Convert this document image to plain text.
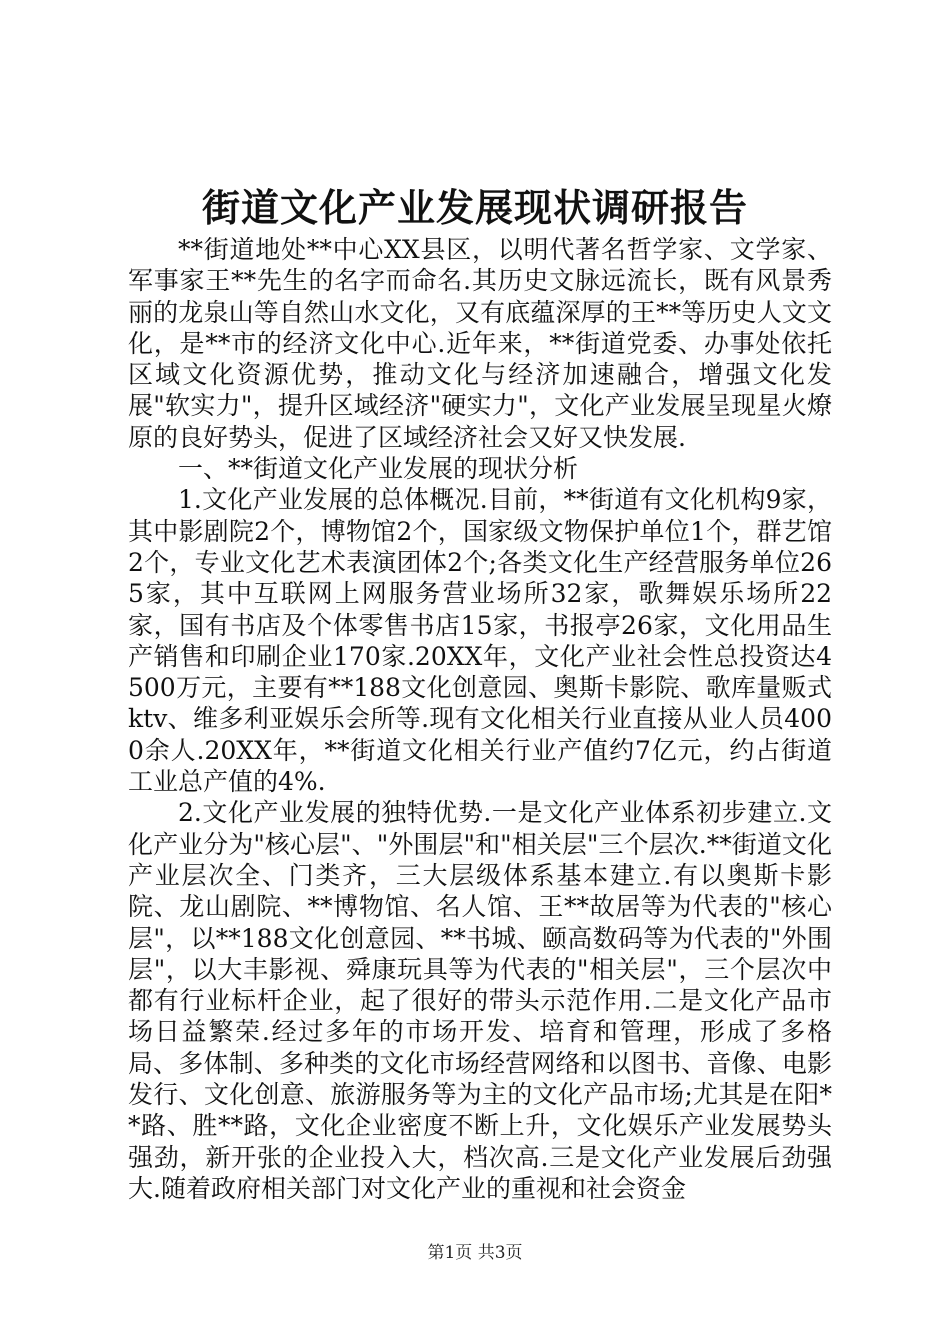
街道文化产业发展现状调研报告

**街道地处**中心XX县区，以明代著名哲学家、文学家、军事家王**先生的名字而命名.其历史文脉远流长，既有风景秀丽的龙泉山等自然山水文化，又有底蕴深厚的王**等历史人文文化，是**市的经济文化中心.近年来，**街道党委、办事处依托区域文化资源优势，推动文化与经济加速融合，增强文化发展"软实力"，提升区域经济"硬实力"，文化产业发展呈现星火燎原的良好势头，促进了区域经济社会又好又快发展.

一、**街道文化产业发展的现状分析

1.文化产业发展的总体概况.目前，**街道有文化机构9家，其中影剧院2个，博物馆2个，国家级文物保护单位1个，群艺馆2个，专业文化艺术表演团体2个;各类文化生产经营服务单位265家，其中互联网上网服务营业场所32家，歌舞娱乐场所22家，国有书店及个体零售书店15家，书报亭26家，文化用品生产销售和印刷企业170家.20XX年，文化产业社会性总投资达4500万元，主要有**188文化创意园、奥斯卡影院、歌库量贩式ktv、维多利亚娱乐会所等.现有文化相关行业直接从业人员4000余人.20XX年，**街道文化相关行业产值约7亿元，约占街道工业总产值的4%.

2.文化产业发展的独特优势.一是文化产业体系初步建立.文化产业分为"核心层"、"外围层"和"相关层"三个层次.**街道文化产业层次全、门类齐，三大层级体系基本建立.有以奥斯卡影院、龙山剧院、**博物馆、名人馆、王**故居等为代表的"核心层"，以**188文化创意园、**书城、颐高数码等为代表的"外围层"，以大丰影视、舜康玩具等为代表的"相关层"，三个层次中都有行业标杆企业，起了很好的带头示范作用.二是文化产品市场日益繁荣.经过多年的市场开发、培育和管理，形成了多格局、多体制、多种类的文化市场经营网络和以图书、音像、电影发行、文化创意、旅游服务等为主的文化产品市场;尤其是在阳**路、胜**路，文化企业密度不断上升，文化娱乐产业发展势头强劲，新开张的企业投入大，档次高.三是文化产业发展后劲强大.随着政府相关部门对文化产业的重视和社会资金

第1页 共3页
